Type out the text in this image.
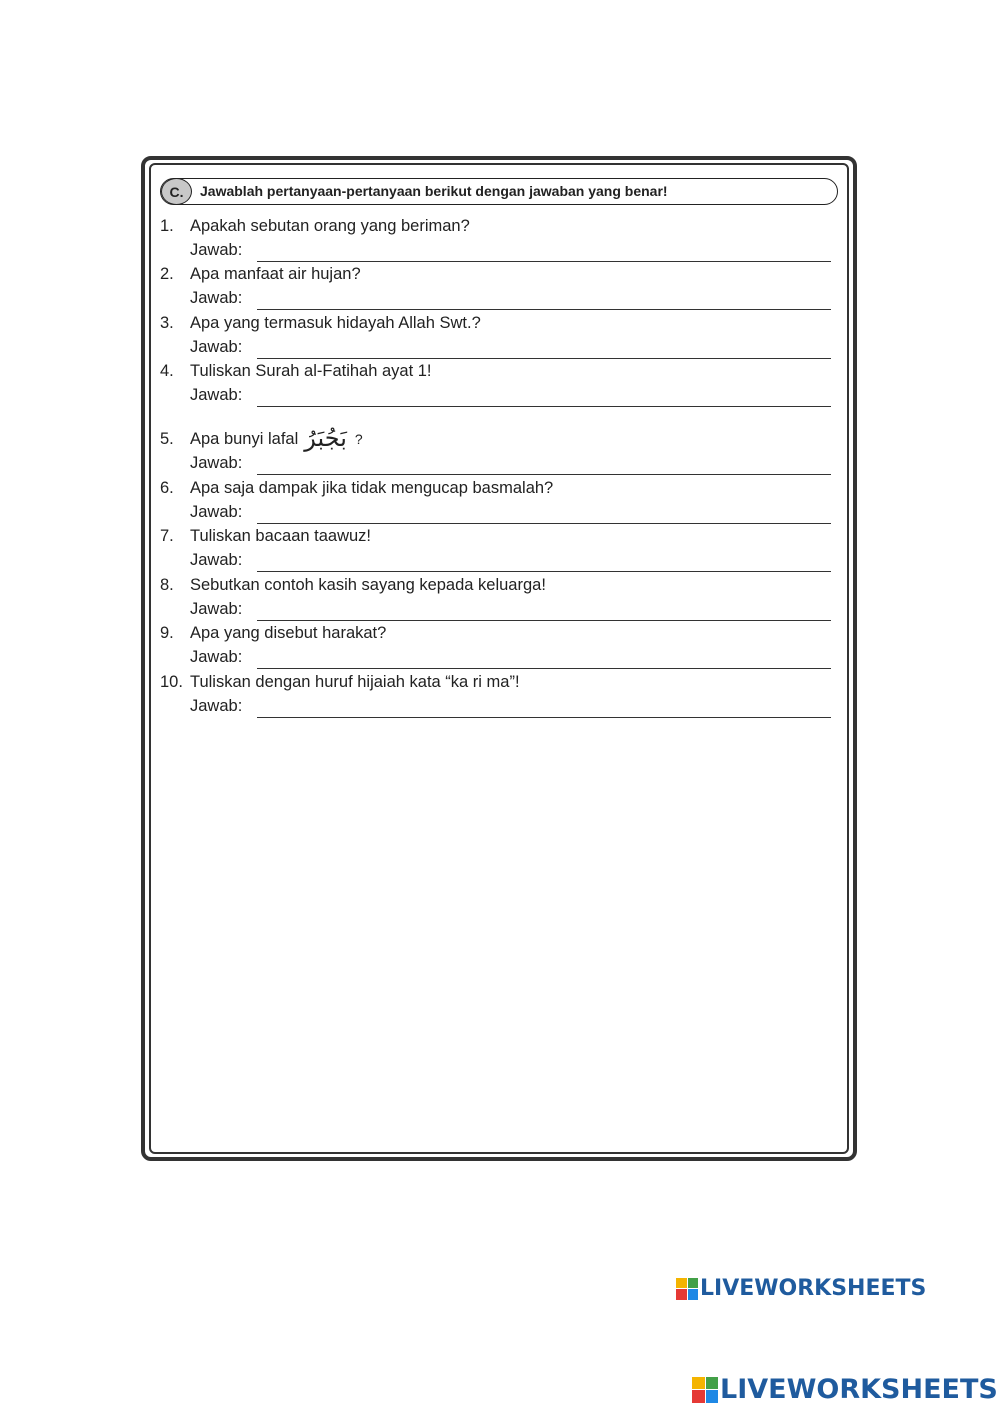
C.	Jawablah pertanyaan-pertanyaan berikut dengan jawaban yang benar!
1. Apakah sebutan orang yang beriman?
Jawab:
2. Apa manfaat air hujan?
Jawab:
3. Apa yang termasuk hidayah Allah Swt.?
Jawab:
4. Tuliskan Surah al-Fatihah ayat 1!
Jawab:
5. Apa bunyi lafal بَجُبَرُ ?
Jawab:
6. Apa saja dampak jika tidak mengucap basmalah?
Jawab:
7. Tuliskan bacaan taawuz!
Jawab:
8. Sebutkan contoh kasih sayang kepada keluarga!
Jawab:
9. Apa yang disebut harakat?
Jawab:
10. Tuliskan dengan huruf hijaiah kata “ka ri ma”!
Jawab:
LIVEWORKSHEETS
LIVEWORKSHEETS
